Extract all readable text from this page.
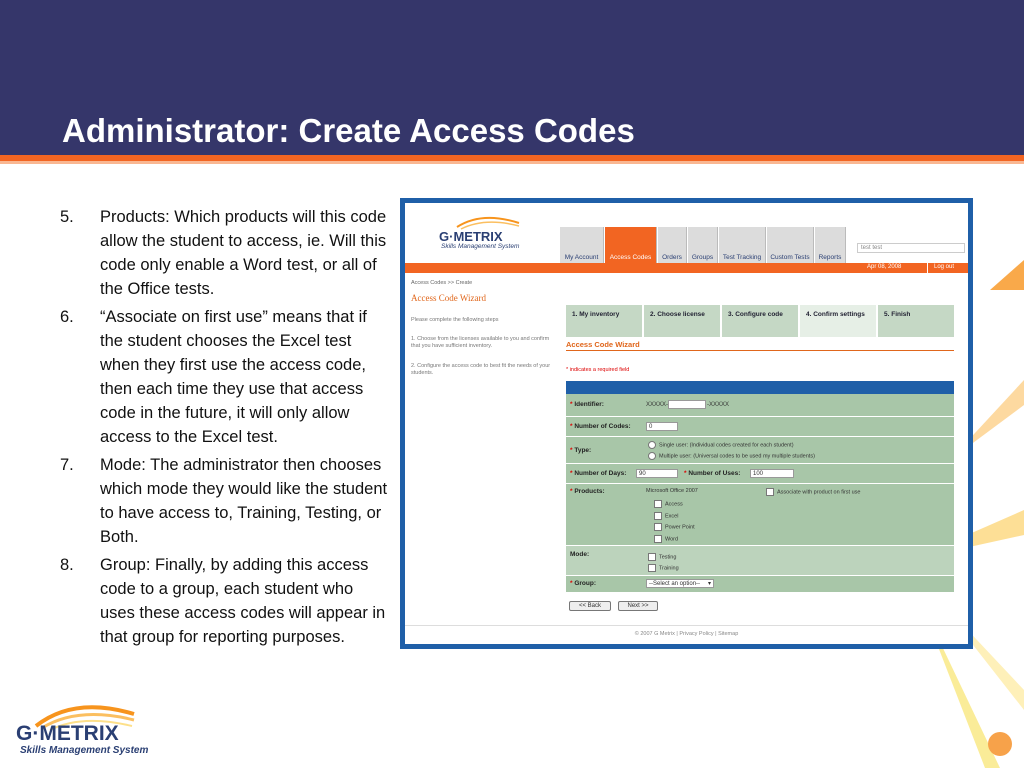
Administrator: Create Access Codes
5. Products: Which products will this code allow the student to access, ie. Will this code only enable a Word test, or all of the Office tests.
6. “Associate on first use” means that if the student chooses the Excel test when they first use the access code, then each time they use that access code in the future, it will only allow access to the Excel test.
7. Mode: The administrator then chooses which mode they would like the student to have access to, Training, Testing, or Both.
8. Group: Finally, by adding this access code to a group, each student who uses these access codes will appear in that group for reporting purposes.
G·METRIX
Skills Management System
My Account	Access Codes	Orders	Groups	Test Tracking	Custom Tests	Reports
test test
Apr 08, 2008	Log out
Access Codes >> Create
Access Code Wizard
Please complete the following steps
1. Choose from the licenses available to you and confirm that you have sufficient inventory.
2. Configure the access code to best fit the needs of your students.
1. My inventory	2. Choose license	3. Configure code	4. Confirm settings	5. Finish
Access Code Wizard
* indicates a required field
* Identifier:	XXXXX-	-XXXXX
* Number of Codes:	0
* Type:
Single user: (Individual codes created for each student)
Multiple user: (Universal codes to be used my multiple students)
* Number of Days:	90	* Number of Uses:	100
* Products:	Microsoft Office 2007	Associate with product on first use
Access
Excel
Power Point
Word
Mode:	Testing
Training
* Group:	--Select an option-- ▾
<< Back	Next >>
© 2007 G Metrix | Privacy Policy | Sitemap
G·METRIX
Skills Management System
